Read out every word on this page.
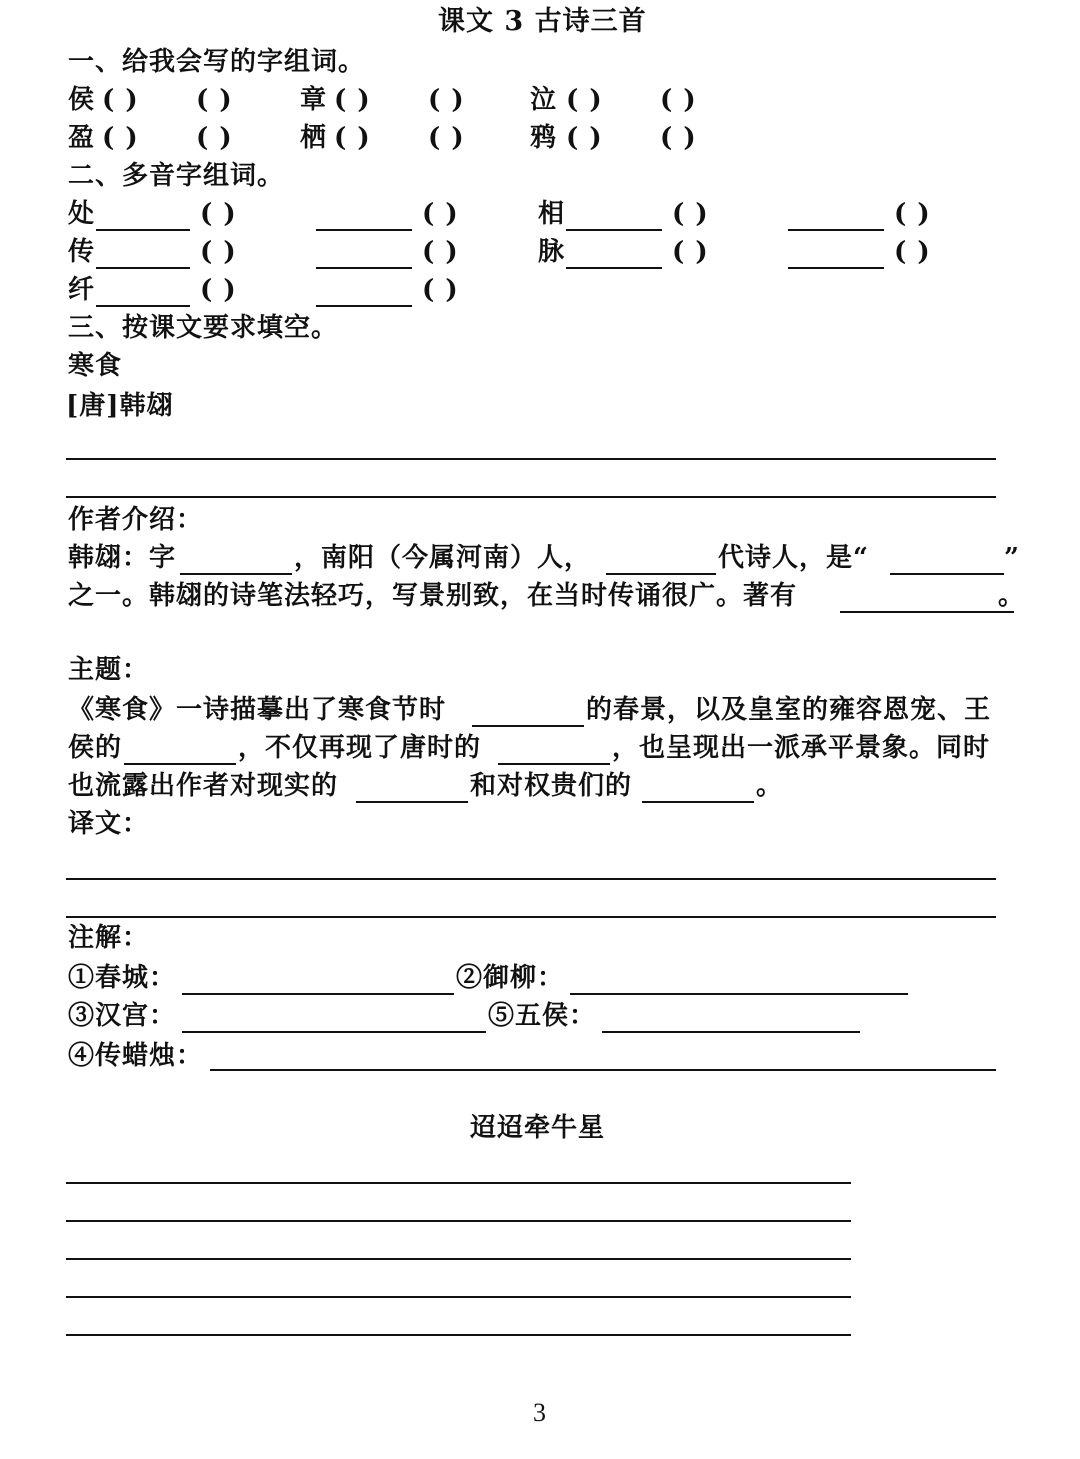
课文 3 古诗三首
一、给我会写的字组词。
侯 ( ) ( )	章 ( ) ( )	泣 ( ) ( )
盈 ( ) ( )	栖 ( ) ( )	鸦 ( ) ( )
二、多音字组词。
处	( )	( )	相	( )	( )
传	( )	( )	脉	( )	( )
纤	( )	( )
三、按课文要求填空。
寒食
[唐]韩翃
作者介绍：
韩翃：字	，南阳（今属河南）人，	代诗人，是“	”
之一。韩翃的诗笔法轻巧，写景别致，在当时传诵很广。著有	。
主题：
《寒食》一诗描摹出了寒食节时	的春景，以及皇室的雍容恩宠、王
侯的	，不仅再现了唐时的	，也呈现出一派承平景象。同时
也流露出作者对现实的	和对权贵们的	。
译文：
注解：
①春城：	②御柳：
③汉宫：	⑤五侯：
④传蜡烛：
迢迢牵牛星
3
